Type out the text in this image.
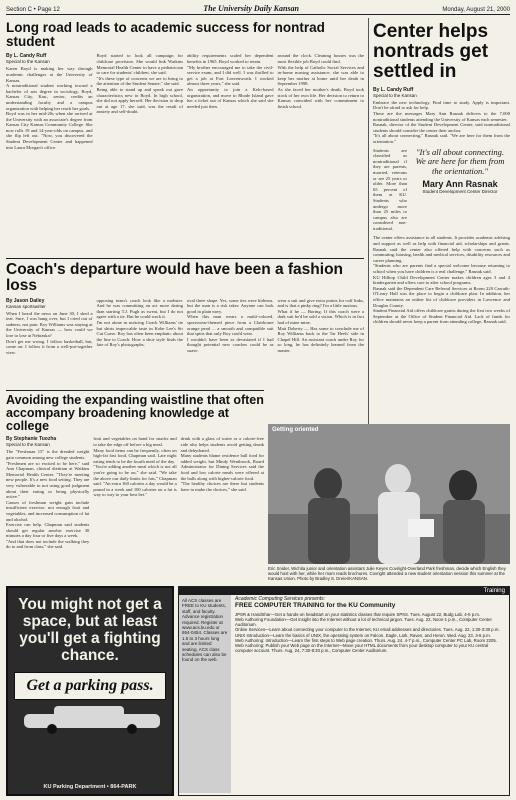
Section C • Page 12	The University Daily Kansan	Monday, August 21, 2000
Long road leads to academic success for nontrad student
By L. Candy Ruff
Special to the Kansan
Karen Boyd is making her way through academic challenges at the University of Kansas.
A nontraditional student working toward a bachelor of arts degree in sociology, Boyd, Kansas City, Kan., senior, credits an understanding faculty and a campus organization with helping her reach her goals.
Boyd was in her mid-20s when she arrived at the University with an associate's degree from Kansas City Kansas Community College. She now rolls 19 and 14-year-olds on campus, and she flip left out. "Now, you discovered the Student Development Center and happened into Laura Morgan's office.
Boyd started to look all campaign for childcare provision. She would link Watkins Memorial Health Center to have a pediatrician to care for students' children, she said.
"It's these type of concerns we are to bring to the attention of the Student Senate," she said.
Being able to stand up and speak out gave characteristics new to Boyd. In high school, she did not apply herself. Her decision to drop out at age 17, she said, was the result of anxiety and self-doubt.
ability requirements scaled her dependent benefits in 1965. Boyd worked to retain.
"My brother encouraged me to take the civil-service exam, and I did well. I was thrilled to get a job at Fort Leavenworth. I worked almost three years," she said.
An opportunity to join a Kelo-based organization, and move to Rhode Island gave her a ticket out of Kansas which she said she needed just then.
around the clock. Cleaning houses was the most flexible job Boyd could find.
With the help of Catholic Social Services and in-home nursing assistance, she was able to keep her mother at home until her death in September 1998.
As she faced her mother's death, Boyd took stock of her own life. Her decision to return to Kansas coincided with her commitment to finish school.
Center helps nontrads get settled in
By L. Candy Ruff
Special to the Kansan
Embrace the new technology. Find time to study. Apply is important. Don't be afraid to ask for help.
These are the messages Mary Ann Rasnak delivers to the 7,000 nontraditional students attending the University of Kansas each semester.
Rasnak, director of the Student Development Center, said nontraditional students should consider the center their anchor.
"It's all about connecting," Rasnak said. "We are here for them from the orientation."
Students are classified as nontraditional if they are parents, married, veterans or are 25 years or older. More than 65 percent of them at KU. Students who undergo more than 25 miles to campus also are considered non-traditional.
"It's all about connecting. We are here for them from the orientation."
Mary Ann Rasnak
Student Development Center Director
The center offers assistance to all students. It provides academic advising and support as well as help with financial aid, scholarships and grants. Rasnak said the center also offered help with concerns such as commuting, housing, health and medical services, disability resources and career planning.
"Students who are parents find a special welcome because returning to school when you have children is a real challenge," Rasnak said.
KU Hilltop Child Development Center makes children ages 3 and 4 kindergarten and offers care to after school programs.
Rasnak said the Dependent Care Referral Services at Room 220 Carruth-O'Leary Hall was the place to begin a childcare plan. In addition, her office maintains an online list of childcare providers in Lawrence and Douglas County.
Student Financial Aid offers childcare grants during the first two weeks of September at the Office of Student Financial Aid. Lack of funds for children should never keep a parent from attending college, Rasnak said.
Coach's departure would have been a fashion loss
By Jason Dailey
Kansan sportswriter
When I heard the news on June 30, I shed a tear. Sure, I was hung over, but I cried out of sadness, not pain. Roy Williams was staying at the University of Kansas — how could we lose to lose at Nebraska?
Don't get me wrong. I follow basketball, but, come on: I follow it from a well-put-together view.
opposing team's coach look like a mobster. And he was committing an act more daring than starting T.J. Pugh as sweat, but I do not agree with a tie. But he could work it.
I'm not alone in noticing Coach Williams' tie but shirts impeccable taste in Kobe Lee's Sir Cut Curse. Roy has often been emphatic about the line to Coach: How a shoe style finds the fate of Roy's photographs.
oval three shape. Yes, some ties were hideous, but the man is a risk taker. Anyone can look good in plain navy.
When this man wears a multi-colored, sportswear-themed piece from a Clairborne orange pearl ... a smooth and compatible suit that spins that only Roy could wear.
I wouldn't have been as devastated if I had thought potential new coaches could be as suave.
wear a suit and give extra points for cuff links, and is that a pinky ring? I'm a little anxious.
What if he — Boring. If this coach were a dark suit he'd be sold a vision. Which is in fact had of mine mine.
Matt Doherty — Has some to conclude me of Roy Williams back to the Tar Heels' side in Chapel Hill. An assistant coach under Roy for so long, he has definitely learned from the master.
Avoiding the expanding waistline that often accompany broadening knowledge at college
By Stephanie Tuozha
Special to the Kansan
The "Freshman 15" is the dreaded weight gain common among new college students.
"Freshmen are so excited to be here," said Ann Chapman, clinical dietitian at Watkins Memorial Health Center. "They're meeting new people. It's a new food setting. They are very vulnerable to not using good judgment about their eating or being physically active."
Causes of freshman weight gain include insufficient exercise, not enough fruit and vegetables, and increased consumption of fat and alcohol.
Exercise can help. Chapman said students should get regular aerobic exercise 30 minutes a day four or five days a week.
"And that does not include the walking they do to and from class," she said.
fruit and vegetables on hand for snacks and to take the edge off before a big meal.
Many food items can be frequently, often on high-fat fast food, Chapman said. Late night eating tends to be the fourth meal of the day.
"You're adding another meal which is not all you're going to be on," she said. "We take the above our daily limits for fats," Chapman said. "An extra 160 calories a day would be a pound in a week and 100 calories on a fat is way to way to your best bet."
drink with a glass of water or a calorie-free side also helps students avoid getting drunk and dehydrated.
Many students blame residence hall food for added weight, but Mindy Wentbrook, Board Administrator for Dining Services said the food and low calorie meals were offered at the halls along with higher-calorie food.
"The healthy choices are there but students have to make the choices," she said.
Getting oriented
Eric Snider, Wichita junior and orientation assistant Julie Keyes Coviright-Overland Park freshman, decide which English they would host with her, while her mom reads brochures. Covright attended a new student orientation session this summer at the Kansas Union. Photo by Bradley S. Dreier/KANSAN.
You might not get a space, but at least you'll get a fighting chance.
Get a parking pass.
KU Parking Department • 864-PARK
Training
All ACS classes are FREE to KU students, staff, and faculty. Advance registration required. Register at www.acs.ku.edu or 864-0454. Classes are 1.5 to 3 hours long and are limited seating. ACS class schedules can also be found on the web.
Academic Computing Services presents:
FREE COMPUTER TRAINING for the KU Community
JPSR & HandShar—Get a hands-on headstart on your statistics classes that require SPSS. Tues. August 22, Budg Lab. 4-6 p.m.
Web Authoring Foundation—Get insight into the Internet without a lot of technical jargon. Tues. Aug. 22, Noon-1 p.m., Computer Center Auditorium.
Online Services—Learn about connecting your computer to the Internet, KU email addresses and directories. Tues. Aug. 22, 1:30-3:30 p.m.
UNIX Introduction—Learn the basics of UNIX, the operating system on Falcon, Eagle, Lark, Raven, and Heron. Wed. Aug. 23, 3-6 p.m.
Web Authoring: Introduction—Learn the first steps to Web page creation. Thurs. Aug. 24, 4-7 p.m., Computer Center PC Lab, Room 2205.
Web Authoring: Publish your Web page on the Internet—Move your HTML documents from your desktop computer to your KU central computer account. Thurs. Aug. 24, 7:30-8:30 p.m., Computer Center Auditorium.
